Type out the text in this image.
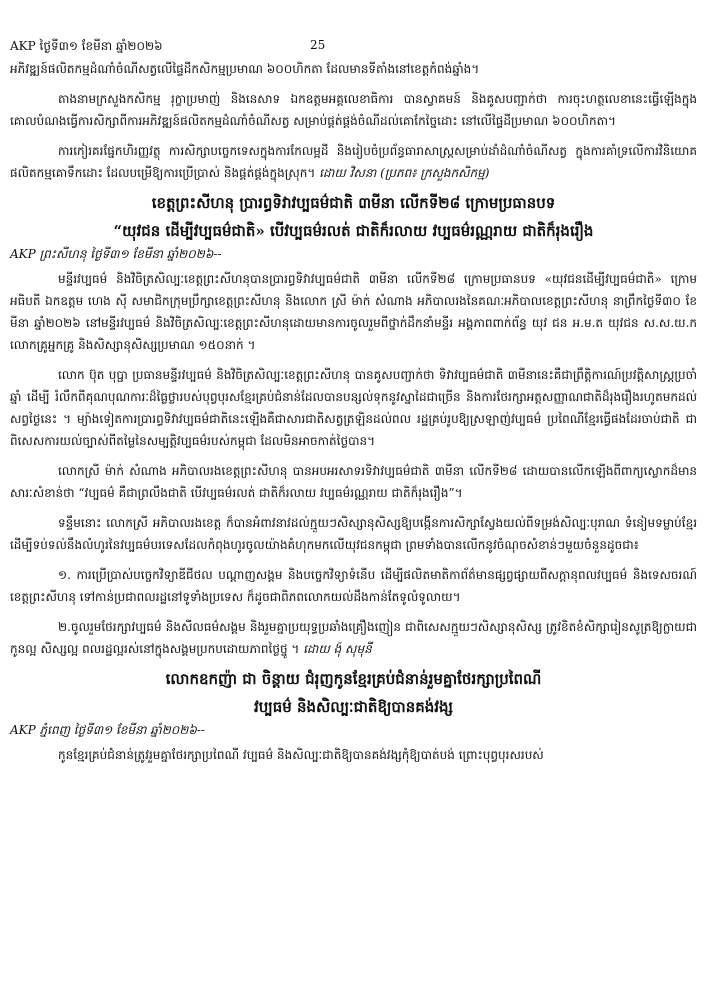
AKP ថ្ងៃទី៣១ ខែមីនា ឆ្នាំ២០២៦	25

អភិវឌ្ឍន៍ផលិតកម្មដំណាំចំណីសត្វលើផ្ទៃដីកសិកម្មប្រមាណ ៦០០ហិកតា ដែលមានទីតាំងនៅខេត្តកំពង់ឆ្នាំង។

តាងនាមក្រសួងកសិកម្ម រុក្ខាប្រមាញ់ និងនេសាទ ឯកឧត្តមអគ្គលេខាធិការ បានស្វាគមន៍ និងគូសបញ្ជាក់ថា ការចុះហត្ថលេខានេះធ្វើឡើងក្នុងគោលបំណងធ្វើការសិក្សាពីការអភិវឌ្ឍន៍ផលិតកម្មដំណាំចំណីសត្វ សម្រាប់ផ្គត់ផ្គង់ចំណីដល់គោកែច្នៃដោះ នៅលើផ្ទៃដីប្រមាណ ៦០០ហិកតា។

ការកៀរគរផ្នែកហិរញ្ញវត្ថុ ការសិក្សាបច្ចេកទេសក្នុងការកែលម្អដី និងរៀបចំប្រព័ន្ធធារាសាស្ត្រសម្រាប់ដាំដំណាំចំណីសត្វ ក្នុងការគាំទ្រលើការវិនិយោគផលិតកម្មគោទឹកដោះ ដែលបម្រើឱ្យការប្រើប្រាស់ និងផ្គត់ផ្គង់ក្នុងស្រុក។ ដោយ វិសនា (ប្រភព៖ ក្រសួងកសិកម្ម)

ខេត្តព្រះសីហនុ ប្រារព្ធទិវាវប្បធម៌ជាតិ ៣មីនា លើកទី២៨ ក្រោមប្រធានបទ
“យុវជន ដើម្បីវប្បធម៌ជាតិ» បើវប្បធម៌រលត់ ជាតិក៏រលាយ វប្បធម៌រណ្ណរាយ ជាតិក៏រុងរឿង
AKP ព្រះសីហនុ ថ្ងៃទី៣១ ខែមីនា ឆ្នាំ២០២៦--

មន្ទីរវប្បធម៌ និងវិចិត្រសិល្បៈខេត្តព្រះសីហនុបានប្រារព្ធទិវាវប្បធម៌ជាតិ ៣មីនា លើកទី២៨ ក្រោមប្រធានបទ «យុវជនដើម្បីវប្បធម៌ជាតិ» ក្រោមអធិបតី ឯកឧត្តម ហេង ស៊ី សមាជិកក្រុមប្រឹក្សាខេត្តព្រះសីហនុ និងលោក ស្រី ម៉ាក់ សំណាង អភិបាលរងនៃគណៈអភិបាលខេត្តព្រះសីហនុ នាព្រឹកថ្ងៃទី៣០ ខែមីនា ឆ្នាំ២០២៦ នៅមន្ទីរវប្បធម៌ និងវិចិត្រសិល្បៈខេត្តព្រះសីហនុដោយមានការចូលរួមពីថ្នាក់ដឹកនាំមន្ទីរ អង្គភាពពាក់ព័ន្ធ យុវ ជន អ.ម.ត យុវជន ស.ស.យ.ក លោកគ្រូអ្នកគ្រូ និងសិស្សានុសិស្សប្រមាណ ១៥០នាក់ ។

លោក ប៊ុត បុប្ផា ប្រធានមន្ទីរវប្បធម៌ និងវិចិត្រសិល្បៈខេត្តព្រះសីហនុ បានគូសបញ្ជាក់ថា ទិវាវប្បធម៌ជាតិ ៣មីនានេះគឺជាព្រឹត្តិការណ៍ប្រវត្តិសាស្ត្រប្រចាំឆ្នាំ ដើម្បី រំលឹកពីគុណបុណការៈដ៏ធ្លៃថ្លារបស់បុព្វបុរសខ្មែរគ្រប់ជំនាន់ដែលបានបន្សល់ទុកនូវស្នាដៃជាច្រើន និងការថែរក្សាអត្តសញ្ញាណជាតិដ៏រុងរឿងរហូតមកដល់សព្វថ្ងៃនេះ ។ ម្យ៉ាងទៀតការប្រារព្ធទិវាវប្បធម៌ជាតិនេះឡើងគឺជាសារជាតិសត្វត្រឡិនដល់ពល រដ្ឋគ្រប់រូបឱ្យស្រឡាញ់វប្បធម៌ ប្រពៃណីខ្មែរធ្វើផងដែរចាប់ជាតិ ជាពិសេសការយល់ច្បាស់ពីតម្លៃនៃសម្បត្តិវប្បធម៌របស់កម្ពុជា ដែលមិនអាចកាត់ថ្លៃបាន។

លោកស្រី ម៉ាក់ សំណាង អភិបាលរងខេត្តព្រះសីហនុ បានអបអរសាទរទិវាវប្បធម៌ជាតិ ៣មីនា លើកទី២៨ ដោយបានលើកឡើងពីពាក្យស្លោកដ៏មានសារៈសំខាន់ថា “វប្បធម៌ គឺជាព្រលឹងជាតិ បើវប្បធម៌រលត់ ជាតិក៏រលាយ វប្បធម៌រណ្ណរាយ ជាតិក៏រុងរឿង”។

ទន្ទឹមនោះ លោកស្រី អភិបាលរងខេត្ត ក៏បានអំពាវនាវដល់ក្មួយៗសិស្សានុសិស្សឱ្យបង្កើនការសិក្សាស្វែងយល់ពីទម្រង់សិល្បៈបុរាណ ទំនៀមទម្លាប់ខ្មែរ ដើម្បីទប់ទល់នឹងលំហូរនៃវប្បធម៌បរទេសដែលកំពុងហូរចូលយ៉ាងគំហុកមកលើយុវជនកម្ពុជា ព្រមទាំងបានលើកនូវចំណុចសំខាន់ៗមួយចំនួនដូចជា៖

១. ការប្រើប្រាស់បច្ចេកវិទ្យាឌីជីថល បណ្តាញសង្គម និងបច្ចេកវិទ្យាទំនើប ដើម្បីផលិតមាតិកាព័ត៌មានផ្សព្វផ្សាយពីសក្តានុពលវប្បធម៌ និងទេសចរណ៍ខេត្តព្រះសីហនុ ទៅកាន់ប្រជាពលរដ្ឋនៅទូទាំងប្រទេស ក៏ដូចជាពិភពលោកយល់ដឹងកាន់តែទូលំទូលាយ។

២.ចូលរួមថែរក្សាវប្បធម៌ និងសីលធម៌សង្គម និងរួមគ្នាប្រយុទ្ធប្រឆាំងគ្រឿងញៀន ជាពិសេសក្មួយៗសិស្សានុសិស្ស ត្រូវខិតខំសិក្សារៀនសូត្រឱ្យក្លាយជាកូនល្អ សិស្សល្អ ពលរដ្ឋល្អរស់នៅក្នុងសង្គមប្រកបដោយភាពថ្លៃថ្នូ ។ ដោយ ង៉ុ សុមុនី

លោកឧកញ៉ា ជា ចិន្ដាយ ជំរុញកូនខ្មែរគ្រប់ជំនាន់រួមគ្នាថែរក្សាប្រពៃណី
វប្បធម៌ និងសិល្បៈជាតិឱ្យបានគង់វង្ស
AKP ភ្នំពេញ ថ្ងៃទី៣១ ខែមីនា ឆ្នាំ២០២៦--

កូនខ្មែរគ្រប់ជំនាន់ត្រូវរួមគ្នាថែរក្សាប្រពៃណី វប្បធម៌ និងសិល្បៈជាតិឱ្យបានគង់វង្សកុំឱ្យបាត់បង់ ព្រោះបុព្វបុរសរបស់
